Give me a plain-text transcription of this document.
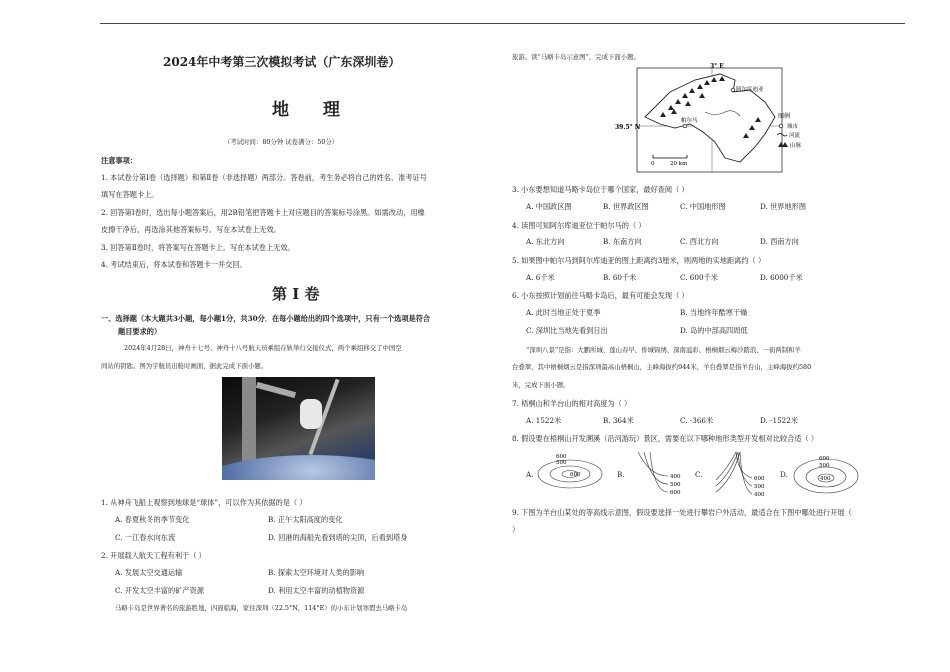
2024年中考第三次模拟考试（广东深圳卷）
地 理
（考试时间：80分钟 试卷满分：50分）
注意事项：
1. 本试卷分第Ⅰ卷（选择题）和第Ⅱ卷（非选择题）两部分。答卷前，考生务必将自己的姓名、准考证号
填写在答题卡上。
2. 回答第Ⅰ卷时，选出每小题答案后，用2B铅笔把答题卡上对应题目的答案标号涂黑。如需改动，用橡
皮擦干净后，再选涂其他答案标号。写在本试卷上无效。
3. 回答第Ⅱ卷时，将答案写在答题卡上。写在本试卷上无效。
4. 考试结束后，将本试卷和答题卡一并交回。
第 Ⅰ 卷
一、选择题（本大题共3小题，每小题1分，共30分．在每小题给出的四个选项中，只有一个选项是符合
题目要求的）
2024年4月28日，神舟十七号、神舟十八号航天员乘组在轨举行交接仪式，两个乘组移交了中国空
间站的钥匙。图为宇航员出舱时画面，据此完成下面小题。
1. 从神舟飞船上观察到地球是“球体”，可以作为其依据的是（ ）
A. 春夏秋冬的季节变化	B. 正午太阳高度的变化
C. 一江春水向东流	D. 回港的海船先看到塔的尖顶，后看到塔身
2. 开展载人航天工程有利于（ ）
A. 发展太空交通运输	B. 探索太空环境对人类的影响
C. 开发太空丰富的矿产资源	D. 利用太空丰富的动植物资源
马略卡岛是世界著名的旅游胜地，四面临海，家住深圳（22.5°N，114°E）的小东计划寒假去马略卡岛
旅游。读“马略卡岛示意图”，完成下面小题。
3° E
39.5° N
阿尔库迪亚
帕尔马
0	20 km
图例
城市
河流
山脉
3. 小东要想知道马略卡岛位于哪个国家，最好查阅（ ）
A. 中国政区图	B. 世界政区图	C. 中国地形图	D. 世界地形图
4. 读图可知阿尔库迪亚位于帕尔马的（ ）
A. 东北方向	B. 东南方向	C. 西北方向	D. 西南方向
5. 如果图中帕尔马到阿尔库迪亚的图上距离约3厘米，则两地的实地距离约（ ）
A. 6千米	B. 60千米	C. 600千米	D. 6000千米
6. 小东按照计划前往马略卡岛后，最有可能会发现（ ）
A. 此时当地正处于夏季	B. 当地终年酷寒干燥
C. 深圳比当地先看到日出	D. 岛的中部高四周低
“深圳八景”是指：大鹏所城、莲山春早、侨城锦绣、深南溢彩、梧桐烟云梅沙踏浪、一街两制和羊
台叠翠，其中梧桐烟云是指深圳最高山梧桐山，主峰海拔约944米，羊台叠翠是指羊台山，主峰海拔约580
米，完成下面小题。
7. 梧桐山和羊台山的相对高度为（ ）
A. 1522米	B. 364米	C. -366米	D. -1522米
8. 假设要在梧桐山开发溯溪（沿河游玩）景区，需要在以下哪种地形类型开发相对比较合适（ ）
A.
600
500
600	B.	400
500
600
C.	600
500
400
D.
600
500
400
9. 下图为羊台山某处的等高线示意图，假设要选择一处进行攀岩户外活动，最适合在下图中哪处进行开展（
）
